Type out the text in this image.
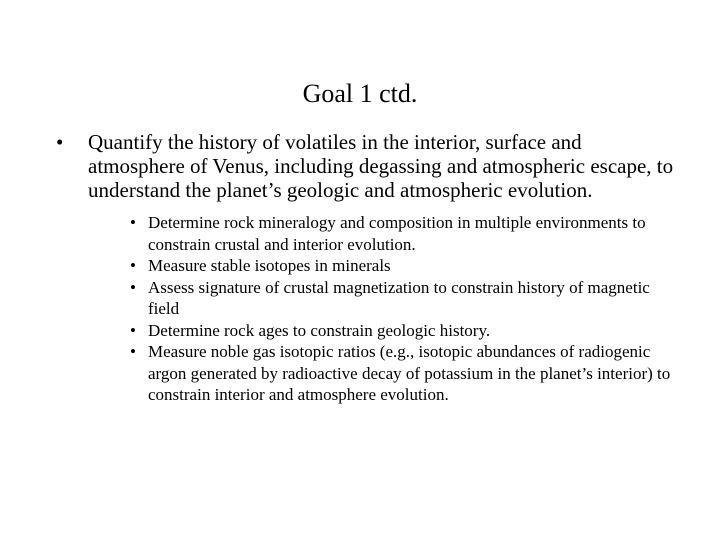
Goal 1 ctd.
• Quantify the history of volatiles in the interior, surface and atmosphere of Venus, including degassing and atmospheric escape, to understand the planet’s geologic and atmospheric evolution.
• Determine rock mineralogy and composition in multiple environments to constrain crustal and interior evolution.
• Measure stable isotopes in minerals
• Assess signature of crustal magnetization to constrain history of magnetic field
• Determine rock ages to constrain geologic history.
• Measure noble gas isotopic ratios (e.g., isotopic abundances of radiogenic argon generated by radioactive decay of potassium in the planet’s interior) to constrain interior and atmosphere evolution.
